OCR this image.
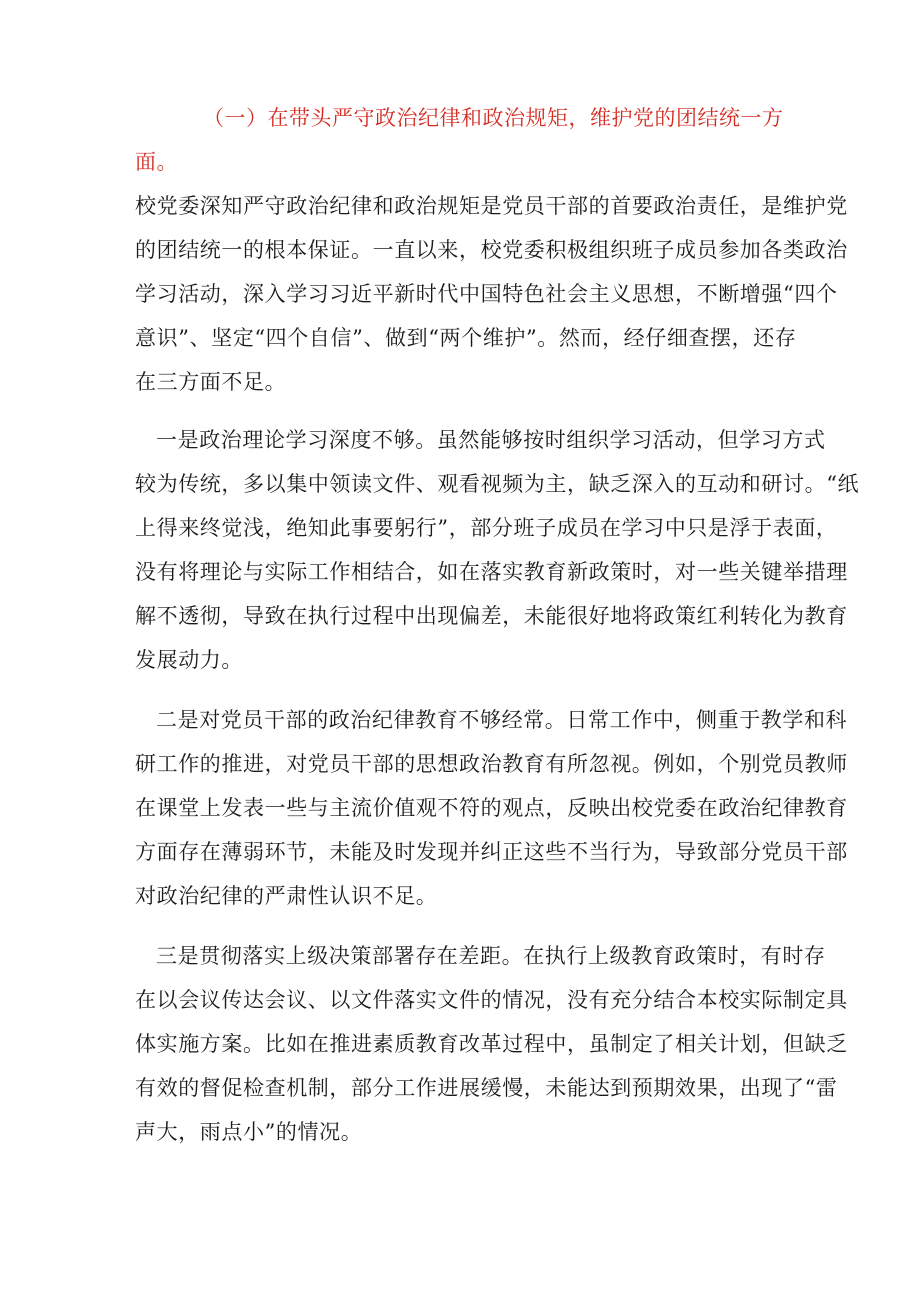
（一）在带头严守政治纪律和政治规矩，维护党的团结统一方
面。
校党委深知严守政治纪律和政治规矩是党员干部的首要政治责任，是维护党
的团结统一的根本保证。一直以来，校党委积极组织班子成员参加各类政治
学习活动，深入学习习近平新时代中国特色社会主义思想，不断增强“四个
意识”、坚定“四个自信”、做到“两个维护”。然而，经仔细查摆，还存
在三方面不足。
一是政治理论学习深度不够。虽然能够按时组织学习活动，但学习方式
较为传统，多以集中领读文件、观看视频为主，缺乏深入的互动和研讨。“纸
上得来终觉浅，绝知此事要躬行”，部分班子成员在学习中只是浮于表面，
没有将理论与实际工作相结合，如在落实教育新政策时，对一些关键举措理
解不透彻，导致在执行过程中出现偏差，未能很好地将政策红利转化为教育
发展动力。
二是对党员干部的政治纪律教育不够经常。日常工作中，侧重于教学和科
研工作的推进，对党员干部的思想政治教育有所忽视。例如，个别党员教师
在课堂上发表一些与主流价值观不符的观点，反映出校党委在政治纪律教育
方面存在薄弱环节，未能及时发现并纠正这些不当行为，导致部分党员干部
对政治纪律的严肃性认识不足。
三是贯彻落实上级决策部署存在差距。在执行上级教育政策时，有时存
在以会议传达会议、以文件落实文件的情况，没有充分结合本校实际制定具
体实施方案。比如在推进素质教育改革过程中，虽制定了相关计划，但缺乏
有效的督促检查机制，部分工作进展缓慢，未能达到预期效果，出现了“雷
声大，雨点小”的情况。
